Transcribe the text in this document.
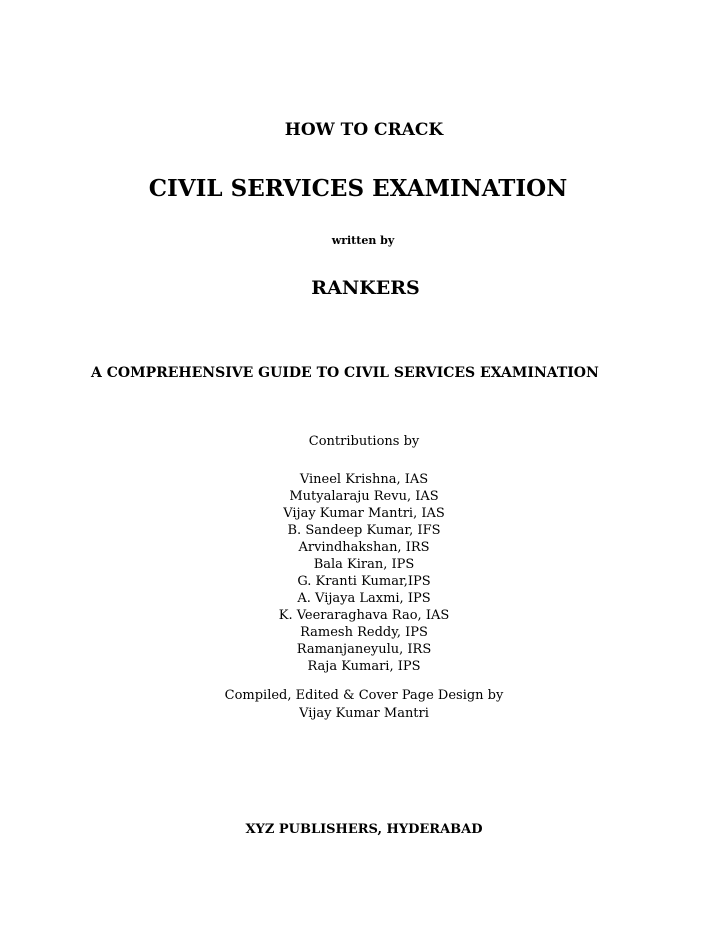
HOW TO CRACK
CIVIL SERVICES EXAMINATION
written by
RANKERS
A COMPREHENSIVE GUIDE TO CIVIL SERVICES EXAMINATION
Contributions by
Vineel Krishna, IAS
Mutyalaraju Revu, IAS
Vijay Kumar Mantri, IAS
B. Sandeep Kumar, IFS
Arvindhakshan, IRS
Bala Kiran, IPS
G. Kranti Kumar,IPS
A. Vijaya Laxmi, IPS
K. Veeraraghava Rao, IAS
Ramesh Reddy, IPS
Ramanjaneyulu, IRS
Raja Kumari, IPS
Compiled, Edited & Cover Page Design by
Vijay Kumar Mantri
XYZ PUBLISHERS, HYDERABAD
